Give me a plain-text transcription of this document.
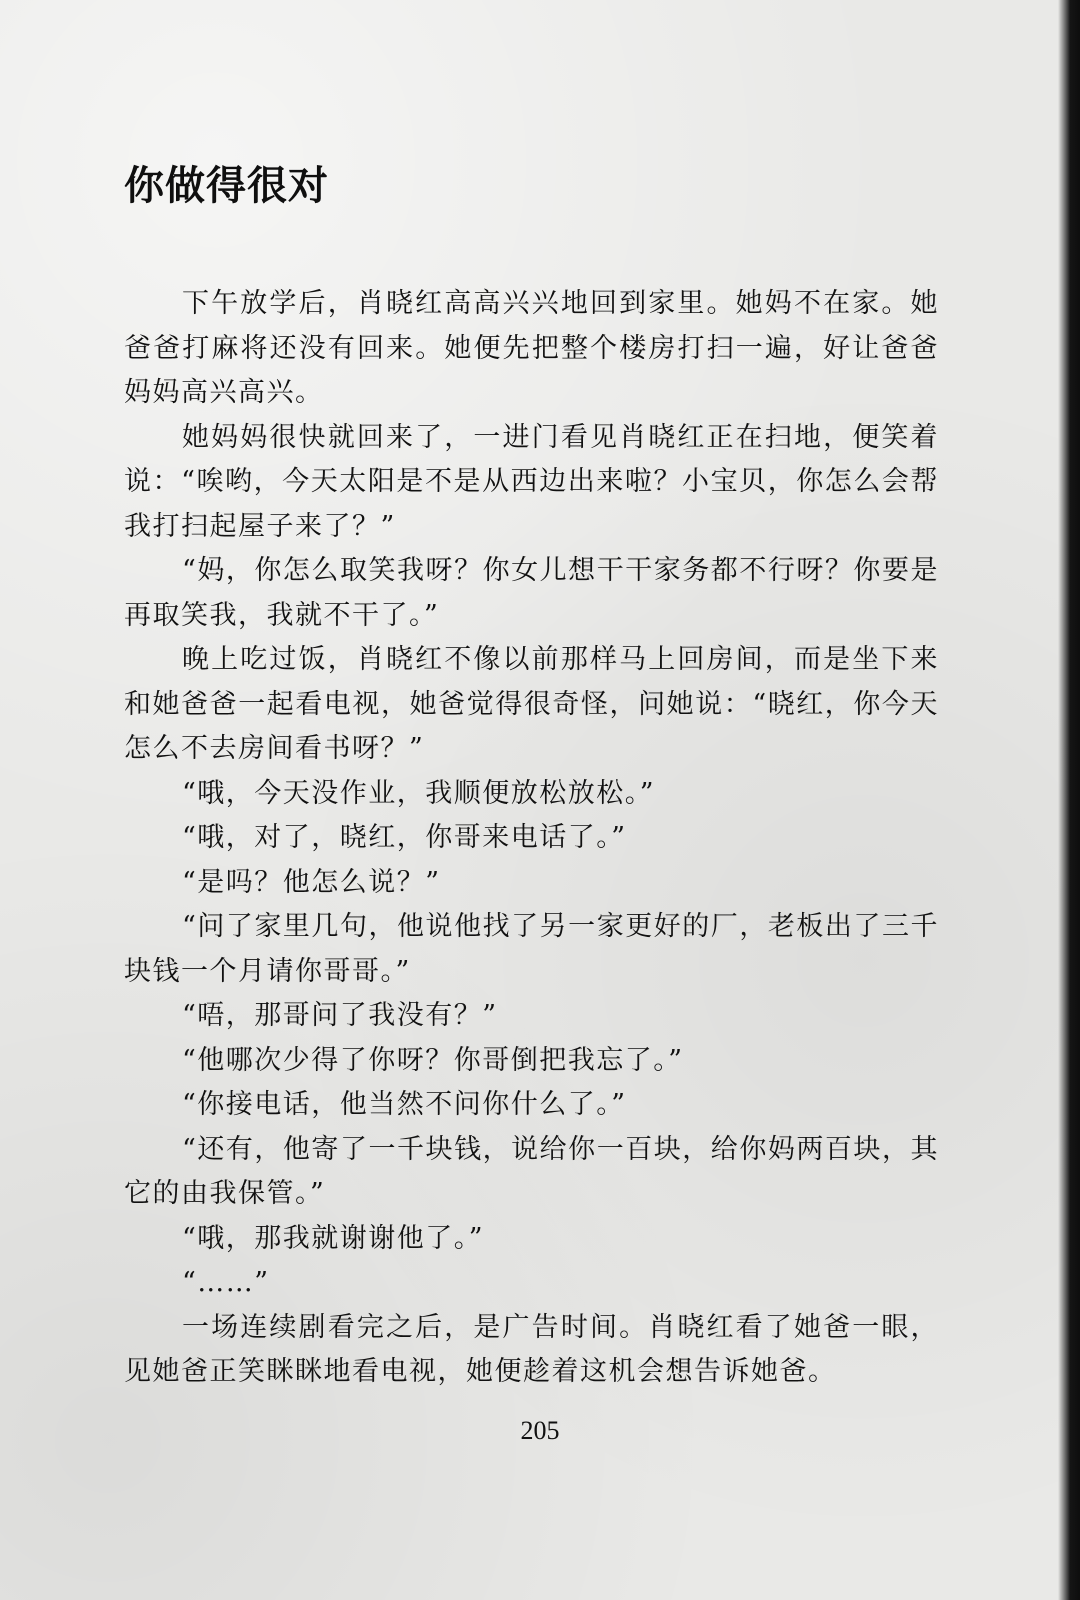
你做得很对

下午放学后，肖晓红高高兴兴地回到家里。她妈不在家。她爸爸打麻将还没有回来。她便先把整个楼房打扫一遍，好让爸爸妈妈高兴高兴。

她妈妈很快就回来了，一进门看见肖晓红正在扫地，便笑着说：“唉哟，今天太阳是不是从西边出来啦？小宝贝，你怎么会帮我打扫起屋子来了？”

“妈，你怎么取笑我呀？你女儿想干干家务都不行呀？你要是再取笑我，我就不干了。”

晚上吃过饭，肖晓红不像以前那样马上回房间，而是坐下来和她爸爸一起看电视，她爸觉得很奇怪，问她说：“晓红，你今天怎么不去房间看书呀？”

“哦，今天没作业，我顺便放松放松。”

“哦，对了，晓红，你哥来电话了。”

“是吗？他怎么说？”

“问了家里几句，他说他找了另一家更好的厂，老板出了三千块钱一个月请你哥哥。”

“唔，那哥问了我没有？”

“他哪次少得了你呀？你哥倒把我忘了。”

“你接电话，他当然不问你什么了。”

“还有，他寄了一千块钱，说给你一百块，给你妈两百块，其它的由我保管。”

“哦，那我就谢谢他了。”

“……”

一场连续剧看完之后，是广告时间。肖晓红看了她爸一眼，见她爸正笑眯眯地看电视，她便趁着这机会想告诉她爸。

205
